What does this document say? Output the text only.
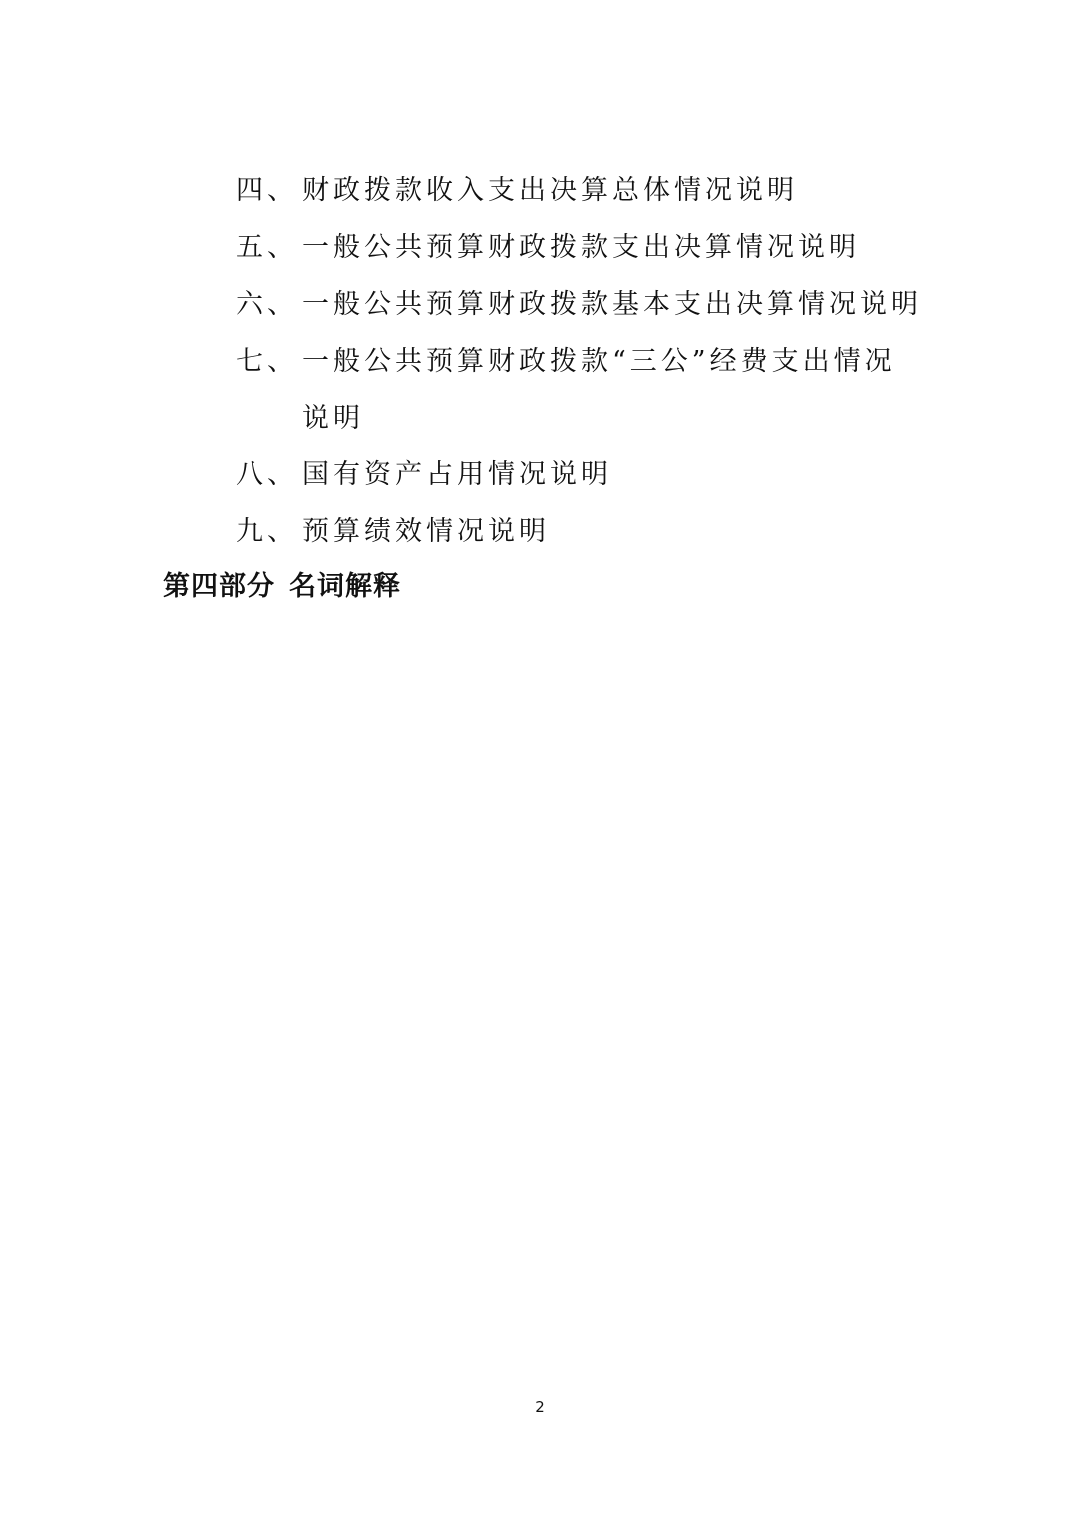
四、 财政拨款收入支出决算总体情况说明
五、 一般公共预算财政拨款支出决算情况说明
六、 一般公共预算财政拨款基本支出决算情况说明
七、 一般公共预算财政拨款“三公”经费支出情况说明
八、 国有资产占用情况说明
九、 预算绩效情况说明
第四部分 名词解释
2
